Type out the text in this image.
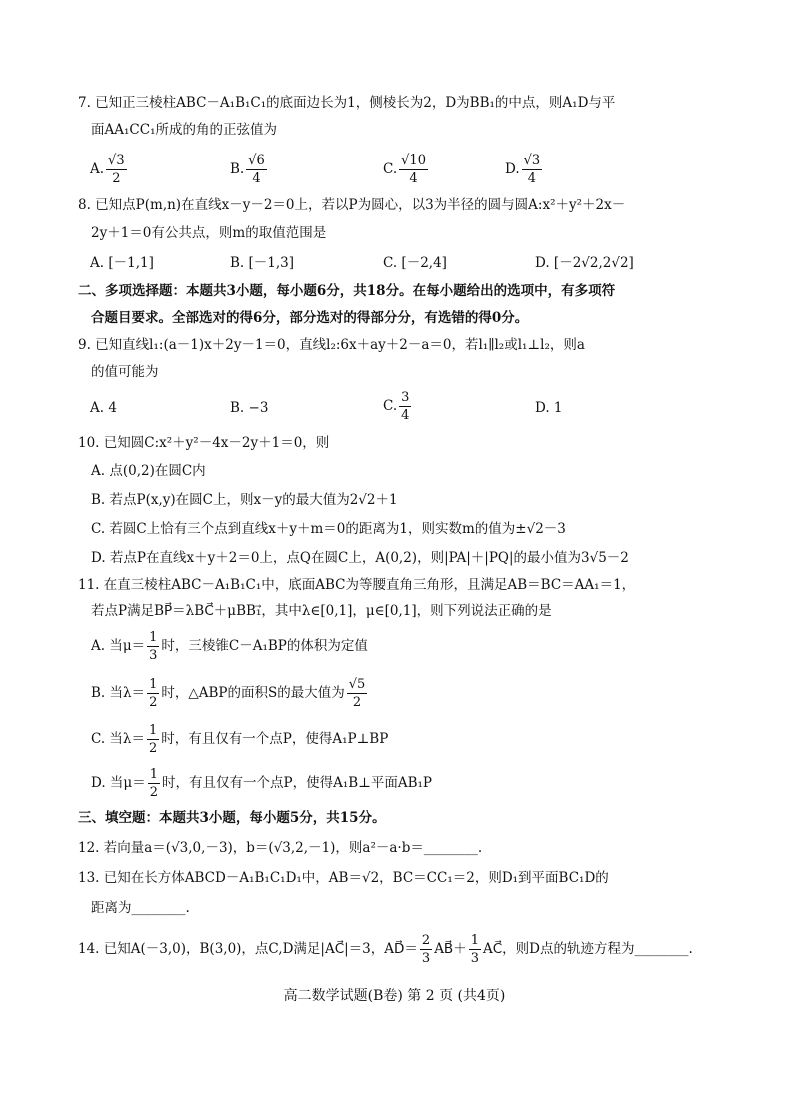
7. 已知正三棱柱ABC－A₁B₁C₁的底面边长为1，侧棱长为2，D为BB₁的中点，则A₁D与平
面AA₁CC₁所成的角的正弦值为
A. $\frac{√3}{2}$	B. $\frac{√6}{4}$	C. $\frac{√10}{4}$	D. $\frac{√3}{4}$
8. 已知点P(m,n)在直线x－y－2＝0上，若以P为圆心，以3为半径的圆与圆A:x²＋y²＋2x－
2y＋1＝0有公共点，则m的取值范围是
A. [－1,1]	B. [－1,3]	C. [－2,4]	D. [－2√2,2√2]
二、多项选择题：本题共3小题，每小题6分，共18分。在每小题给出的选项中，有多项符
合题目要求。全部选对的得6分，部分选对的得部分分，有选错的得0分。
9. 已知直线l₁:(a－1)x＋2y－1＝0，直线l₂:6x＋ay＋2－a＝0，若l₁∥l₂或l₁⊥l₂，则a
的值可能为
A. 4	B. −3	C. $\frac{3}{4}$	D. 1
10. 已知圆C:x²＋y²－4x－2y＋1＝0，则
A. 点(0,2)在圆C内
B. 若点P(x,y)在圆C上，则x－y的最大值为2√2＋1
C. 若圆C上恰有三个点到直线x＋y＋m＝0的距离为1，则实数m的值为±√2－3
D. 若点P在直线x＋y＋2＝0上，点Q在圆C上，A(0,2)，则|PA|＋|PQ|的最小值为3√5－2
11. 在直三棱柱ABC－A₁B₁C₁中，底面ABC为等腰直角三角形，且满足AB＝BC＝AA₁＝1，
若点P满足BP⃗＝λBC⃗＋μBB₁⃗，其中λ∈[0,1]，μ∈[0,1]，则下列说法正确的是
A. 当$\mu= \frac{1}{3}$ 时，三棱锥C－A₁BP的体积为定值
B. 当$\lambda= \frac{1}{2}$ 时，△ABP的面积S的最大值为 $\frac{√5}{2}$
C. 当$\lambda= \frac{1}{2}$ 时，有且仅有一个点P，使得A₁P⊥BP
D. 当$\mu= \frac{1}{2}$ 时，有且仅有一个点P，使得A₁B⊥平面AB₁P
三、填空题：本题共3小题，每小题5分，共15分。
12. 若向量a＝(√3,0,－3)，b＝(√3,2,－1)，则a²－a·b＝________.
13. 已知在长方体ABCD－A₁B₁C₁D₁中，AB＝√2，BC＝CC₁＝2，则D₁到平面BC₁D的
距离为________.
14. 已知A(－3,0)，B(3,0)，点C,D满足|AC⃗|＝3，AD⃗＝ $\frac{2}{3}$ AB⃗＋ $\frac{1}{3}$ AC⃗，则D点的轨迹方程为________.
高二数学试题(B卷) 第 2 页 (共4页)
